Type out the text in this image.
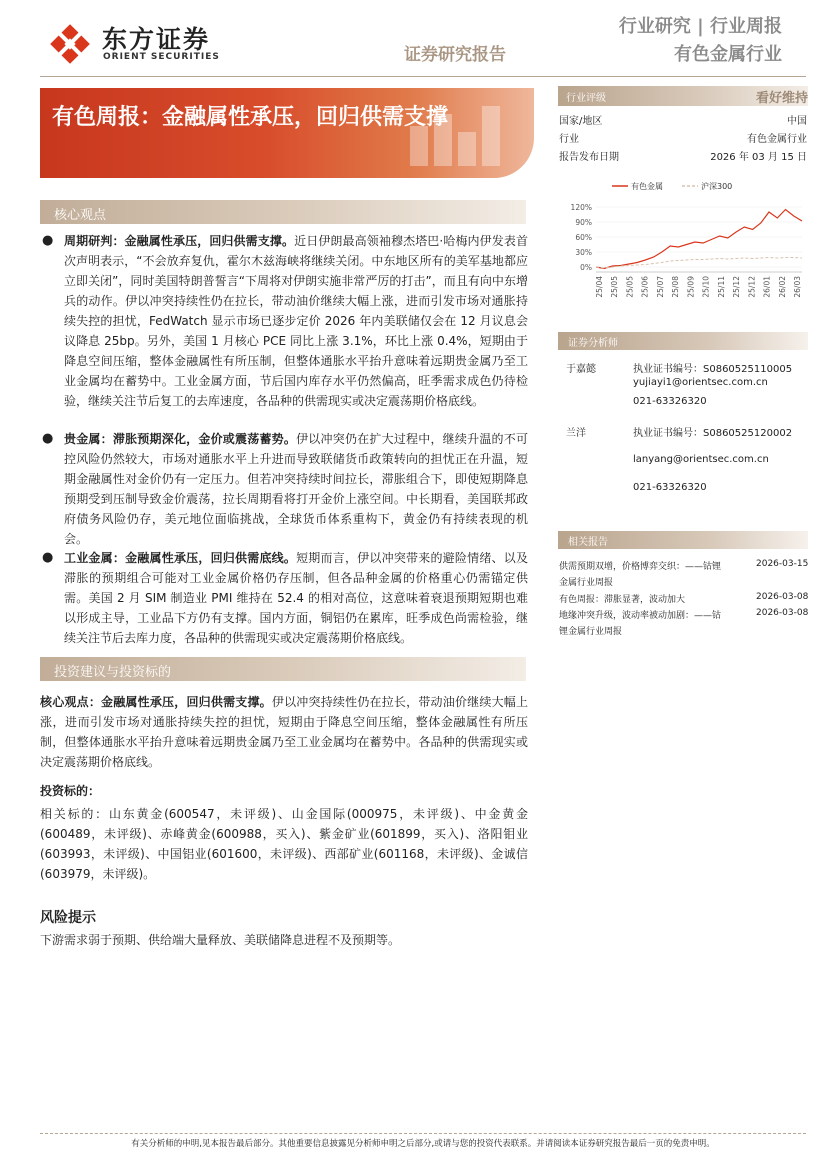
东方证券
ORIENT SECURITIES	证券研究报告
行业研究 | 行业周报
有色金属行业
有色周报：金融属性承压，回归供需支撑
行业评级	看好维持
国家/地区	中国
行业	有色金属行业
报告发布日期	2026 年 03 月 15 日
有色金属	沪深300
120%
90%
60%
30%
0%
25/04 25/05 25/05 25/06 25/07 25/08 25/09 25/10 25/11 25/12 25/12 26/01 26/02 26/03
证券分析师
于嘉懿	执业证书编号：S0860525110005
yujiayi1@orientsec.com.cn
021-63326320
兰洋	执业证书编号：S0860525120002
lanyang@orientsec.com.cn
021-63326320
相关报告
供需预期双增，价格博弈交织：——钴锂	2026-03-15
金属行业周报
有色周报：滞胀显著，波动加大	2026-03-08
地缘冲突升级，波动率被动加剧：——钴	2026-03-08
锂金属行业周报
核心观点
● 周期研判：金融属性承压，回归供需支撑。近日伊朗最高领袖穆杰塔巴·哈梅内伊发表首次声明表示，“不会放弃复仇，霍尔木兹海峡将继续关闭。中东地区所有的美军基地都应立即关闭”，同时美国特朗普誓言“下周将对伊朗实施非常严厉的打击”，而且有向中东增兵的动作。伊以冲突持续性仍在拉长，带动油价继续大幅上涨，进而引发市场对通胀持续失控的担忧，FedWatch 显示市场已逐步定价 2026 年内美联储仅会在 12 月议息会议降息 25bp。另外，美国 1 月核心 PCE 同比上涨 3.1%，环比上涨 0.4%，短期由于降息空间压缩，整体金融属性有所压制，但整体通胀水平抬升意味着远期贵金属乃至工业金属均在蓄势中。工业金属方面，节后国内库存水平仍然偏高，旺季需求成色仍待检验，继续关注节后复工的去库速度，各品种的供需现实或决定震荡期价格底线。
● 贵金属：滞胀预期深化，金价或震荡蓄势。伊以冲突仍在扩大过程中，继续升温的不可控风险仍然较大，市场对通胀水平上升进而导致联储货币政策转向的担忧正在升温，短期金融属性对金价仍有一定压力。但若冲突持续时间拉长，滞胀组合下，即使短期降息预期受到压制导致金价震荡，拉长周期看将打开金价上涨空间。中长期看，美国联邦政府债务风险仍存，美元地位面临挑战，全球货币体系重构下，黄金仍有持续表现的机会。
● 工业金属：金融属性承压，回归供需底线。短期而言，伊以冲突带来的避险情绪、以及滞胀的预期组合可能对工业金属价格仍存压制，但各品种金属的价格重心仍需锚定供需。美国 2 月 SIM 制造业 PMI 维持在 52.4 的相对高位，这意味着衰退预期短期也难以形成主导，工业品下方仍有支撑。国内方面，铜铝仍在累库，旺季成色尚需检验，继续关注节后去库力度，各品种的供需现实或决定震荡期价格底线。
投资建议与投资标的
核心观点：金融属性承压，回归供需支撑。伊以冲突持续性仍在拉长，带动油价继续大幅上涨，进而引发市场对通胀持续失控的担忧，短期由于降息空间压缩，整体金融属性有所压制，但整体通胀水平抬升意味着远期贵金属乃至工业金属均在蓄势中。各品种的供需现实或决定震荡期价格底线。
投资标的：
相关标的：山东黄金(600547，未评级)、山金国际(000975，未评级)、中金黄金(600489，未评级)、赤峰黄金(600988，买入)、紫金矿业(601899，买入)、洛阳钼业(603993，未评级)、中国铝业(601600，未评级)、西部矿业(601168，未评级)、金诚信(603979，未评级)。
风险提示
下游需求弱于预期、供给端大量释放、美联储降息进程不及预期等。
有关分析师的申明,见本报告最后部分。其他重要信息披露见分析师申明之后部分,或请与您的投资代表联系。并请阅读本证券研究报告最后一页的免责申明。
